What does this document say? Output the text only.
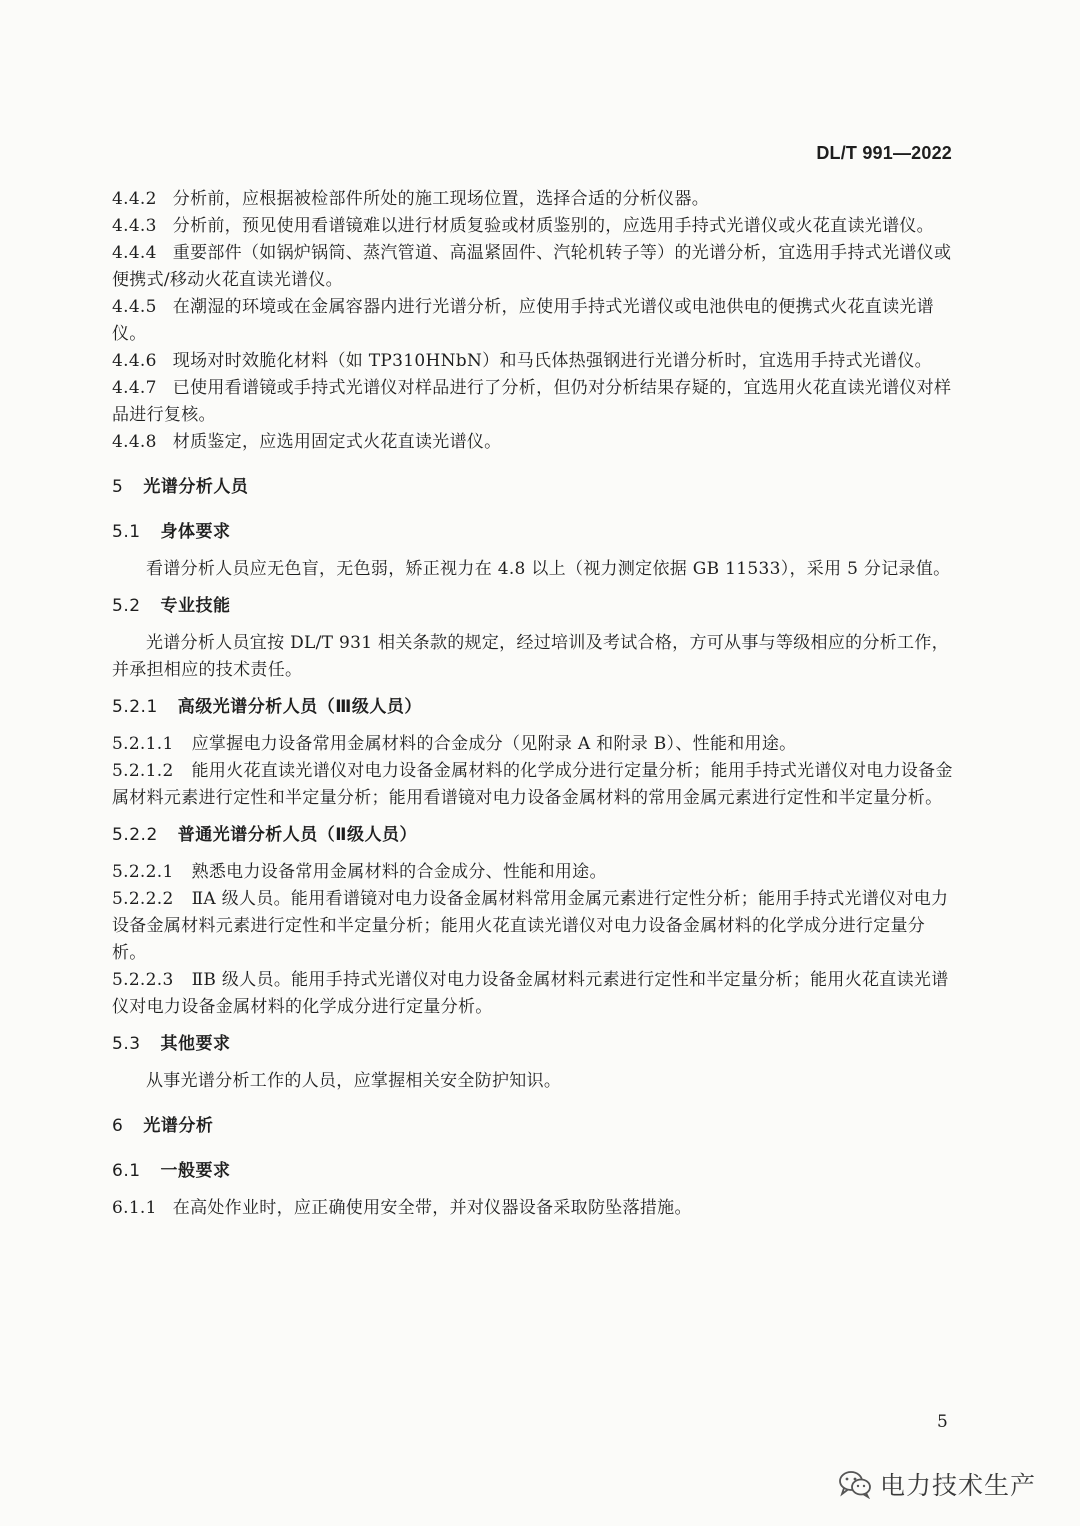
DL/T 991—2022

4.4.2 分析前，应根据被检部件所处的施工现场位置，选择合适的分析仪器。

4.4.3 分析前，预见使用看谱镜难以进行材质复验或材质鉴别的，应选用手持式光谱仪或火花直读光谱仪。

4.4.4 重要部件（如锅炉锅筒、蒸汽管道、高温紧固件、汽轮机转子等）的光谱分析，宜选用手持式光谱仪或便携式/移动火花直读光谱仪。

4.4.5 在潮湿的环境或在金属容器内进行光谱分析，应使用手持式光谱仪或电池供电的便携式火花直读光谱仪。

4.4.6 现场对时效脆化材料（如 TP310HNbN）和马氏体热强钢进行光谱分析时，宜选用手持式光谱仪。

4.4.7 已使用看谱镜或手持式光谱仪对样品进行了分析，但仍对分析结果存疑的，宜选用火花直读光谱仪对样品进行复核。

4.4.8 材质鉴定，应选用固定式火花直读光谱仪。

5 光谱分析人员

5.1 身体要求

看谱分析人员应无色盲，无色弱，矫正视力在 4.8 以上（视力测定依据 GB 11533），采用 5 分记录值。

5.2 专业技能

光谱分析人员宜按 DL/T 931 相关条款的规定，经过培训及考试合格，方可从事与等级相应的分析工作，并承担相应的技术责任。

5.2.1 高级光谱分析人员（Ⅲ级人员）

5.2.1.1 应掌握电力设备常用金属材料的合金成分（见附录 A 和附录 B）、性能和用途。

5.2.1.2 能用火花直读光谱仪对电力设备金属材料的化学成分进行定量分析；能用手持式光谱仪对电力设备金属材料元素进行定性和半定量分析；能用看谱镜对电力设备金属材料的常用金属元素进行定性和半定量分析。

5.2.2 普通光谱分析人员（Ⅱ级人员）

5.2.2.1 熟悉电力设备常用金属材料的合金成分、性能和用途。

5.2.2.2 ⅡA 级人员。能用看谱镜对电力设备金属材料常用金属元素进行定性分析；能用手持式光谱仪对电力设备金属材料元素进行定性和半定量分析；能用火花直读光谱仪对电力设备金属材料的化学成分进行定量分析。

5.2.2.3 ⅡB 级人员。能用手持式光谱仪对电力设备金属材料元素进行定性和半定量分析；能用火花直读光谱仪对电力设备金属材料的化学成分进行定量分析。

5.3 其他要求

从事光谱分析工作的人员，应掌握相关安全防护知识。

6 光谱分析

6.1 一般要求

6.1.1 在高处作业时，应正确使用安全带，并对仪器设备采取防坠落措施。

5
电力技术生产
